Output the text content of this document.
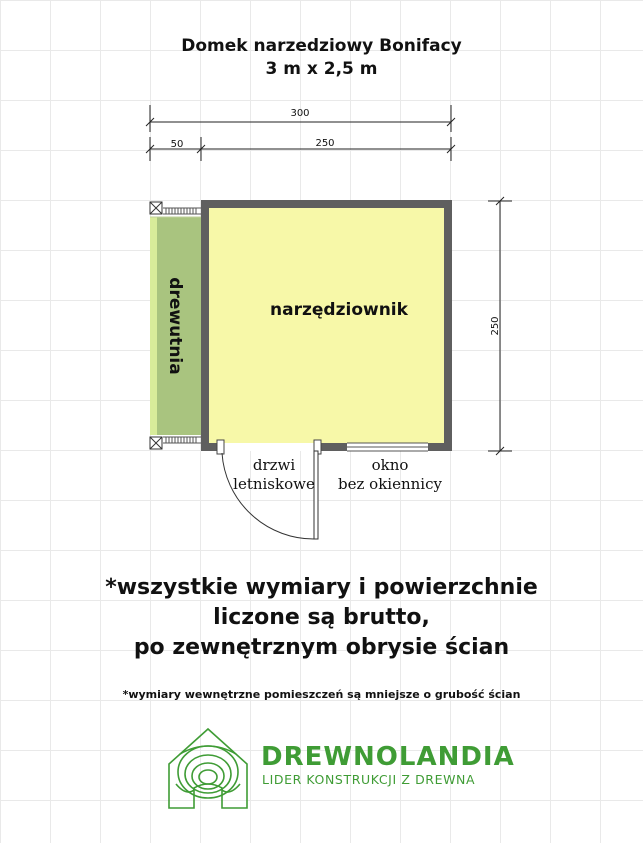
Domek narzedziowy Bonifacy
3 m x 2,5 m
300
50	250
250
drewutnia	narzędziownik
drzwi
letniskowe
okno
bez okiennicy
*wszystkie wymiary i powierzchnie
liczone są brutto,
po zewnętrznym obrysie ścian
*wymiary wewnętrzne pomieszczeń są mniejsze o grubość ścian
DREWNOLANDIA
LIDER KONSTRUKCJI Z DREWNA
